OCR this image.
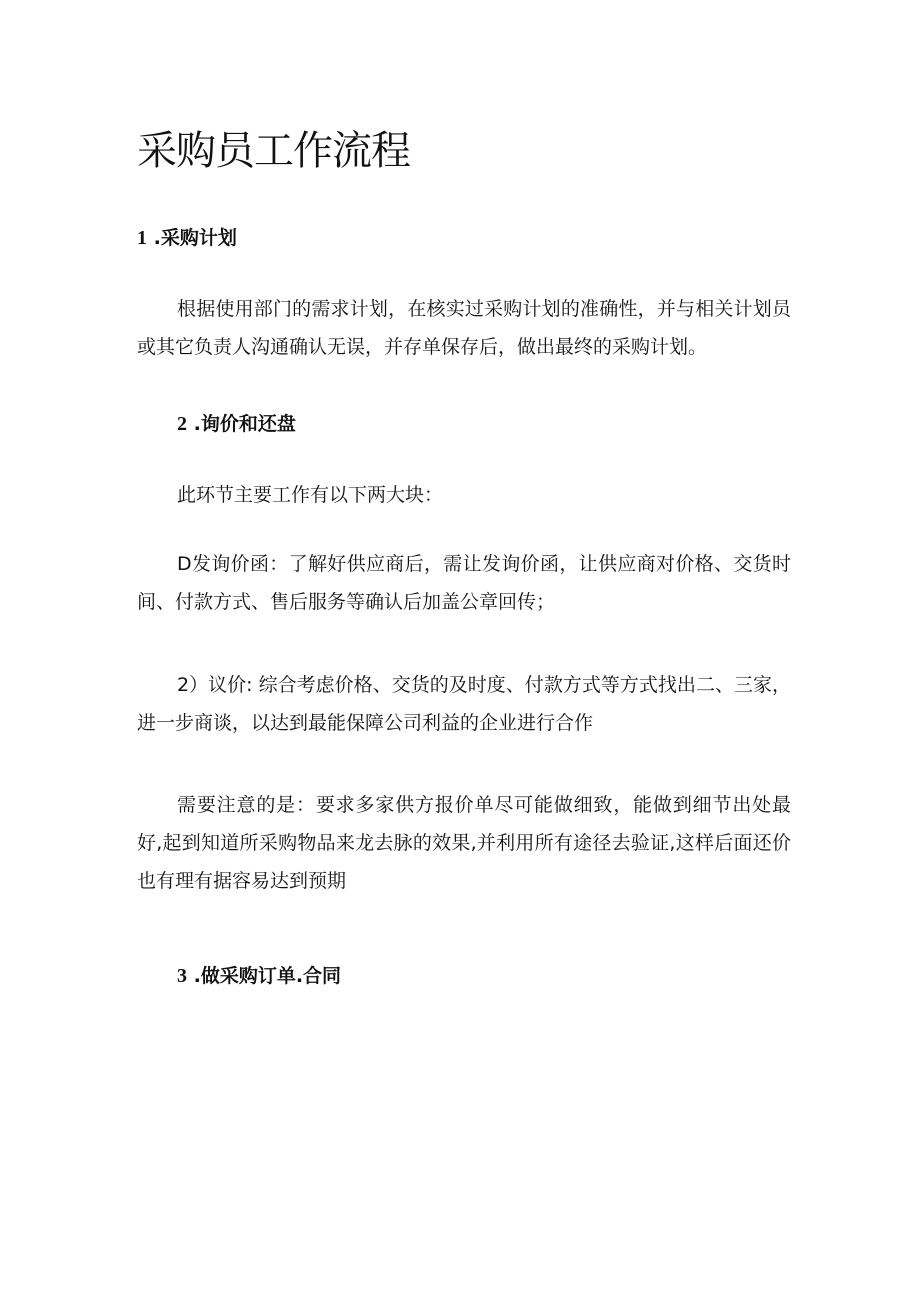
采购员工作流程
1 .采购计划

根据使用部门的需求计划，在核实过采购计划的准确性，并与相关计划员或其它负责人沟通确认无误，并存单保存后，做出最终的采购计划。

2 .询价和还盘

此环节主要工作有以下两大块：

D发询价函：了解好供应商后，需让发询价函，让供应商对价格、交货时间、付款方式、售后服务等确认后加盖公章回传；

2）议价: 综合考虑价格、交货的及时度、付款方式等方式找出二、三家，进一步商谈，以达到最能保障公司利益的企业进行合作

需要注意的是：要求多家供方报价单尽可能做细致，能做到细节出处最好,起到知道所采购物品来龙去脉的效果,并利用所有途径去验证,这样后面还价也有理有据容易达到预期

3 .做采购订单.合同
